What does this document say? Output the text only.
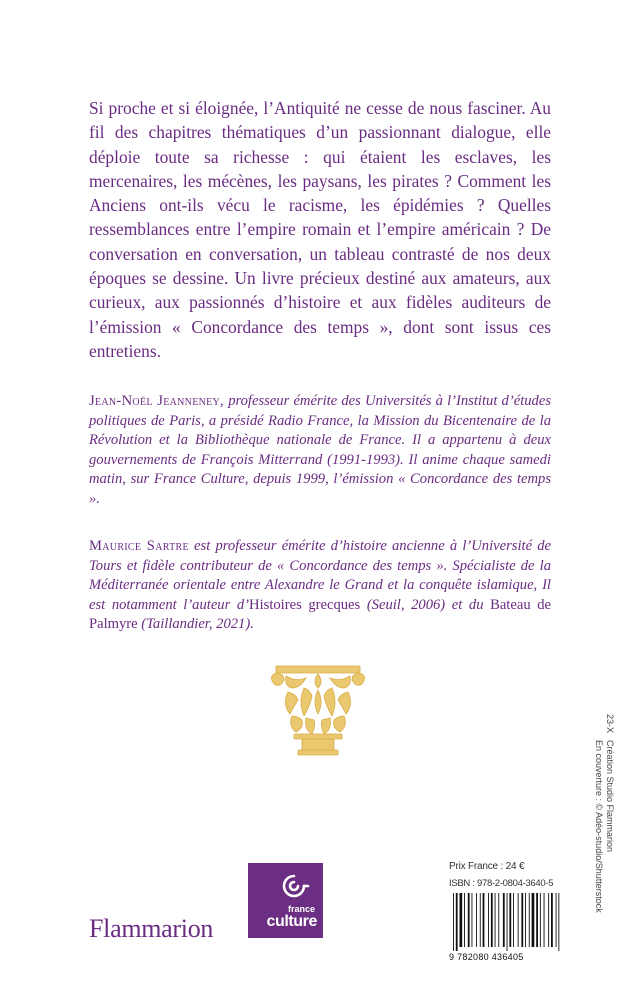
Si proche et si éloignée, l’Antiquité ne cesse de nous fasciner. Au fil des chapitres thématiques d’un passionnant dialogue, elle déploie toute sa richesse : qui étaient les esclaves, les mercenaires, les mécènes, les paysans, les pirates ? Comment les Anciens ont-ils vécu le racisme, les épidémies ? Quelles ressemblances entre l’empire romain et l’empire américain ? De conversation en conversation, un tableau contrasté de nos deux époques se dessine. Un livre précieux destiné aux amateurs, aux curieux, aux passionnés d’histoire et aux fidèles auditeurs de l’émission « Concordance des temps », dont sont issus ces entretiens.

Jean-Noël Jeanneney, professeur émérite des Universités à l’Institut d’études politiques de Paris, a présidé Radio France, la Mission du Bicentenaire de la Révolution et la Bibliothèque nationale de France. Il a appartenu à deux gouvernements de François Mitterrand (1991-1993). Il anime chaque samedi matin, sur France Culture, depuis 1999, l’émission « Concordance des temps ».

Maurice Sartre est professeur émérite d’histoire ancienne à l’Université de Tours et fidèle contributeur de « Concordance des temps ». Spécialiste de la Méditerranée orientale entre Alexandre le Grand et la conquête islamique, Il est notamment l’auteur d’Histoires grecques (Seuil, 2006) et du Bateau de Palmyre (Taillandier, 2021).

Prix France : 24 €
ISBN : 978-2-0804-3640-5
9 782080 436405
23-X
Création Studio Flammarion
En couverture : © Adéo-studio/Shutterstock
Flammarion
france
culture
